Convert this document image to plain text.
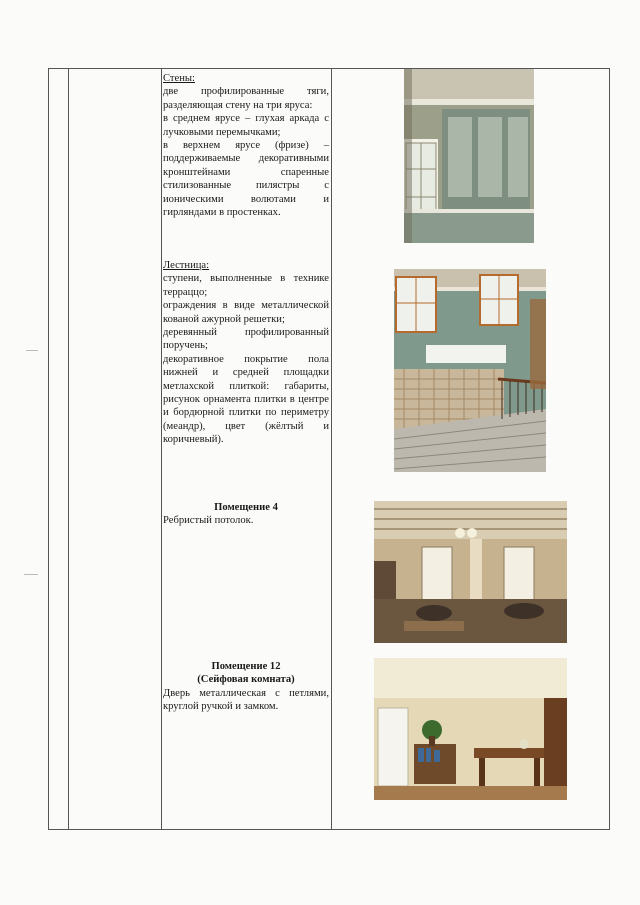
Стены:
две профилированные тяги, разделяющая стену на три яруса:
в среднем ярусе – глухая аркада с лучковыми перемычками;
в верхнем ярусе (фризе) – поддерживаемые декоративными кронштейнами спаренные стилизованные пилястры с ионическими волютами и гирляндами в простенках.
Лестница:
ступени, выполненные в технике терраццо;
ограждения в виде металлической кованой ажурной решетки;
деревянный профилированный поручень;
декоративное покрытие пола нижней и средней площадки метлахской плиткой: габариты, рисунок орнамента плитки в центре и бордюрной плитки по периметру (меандр), цвет (жёлтый и коричневый).
Помещение 4
Ребристый потолок.
Помещение 12
(Сейфовая комната)
Дверь металлическая с петлями, круглой ручкой и замком.
